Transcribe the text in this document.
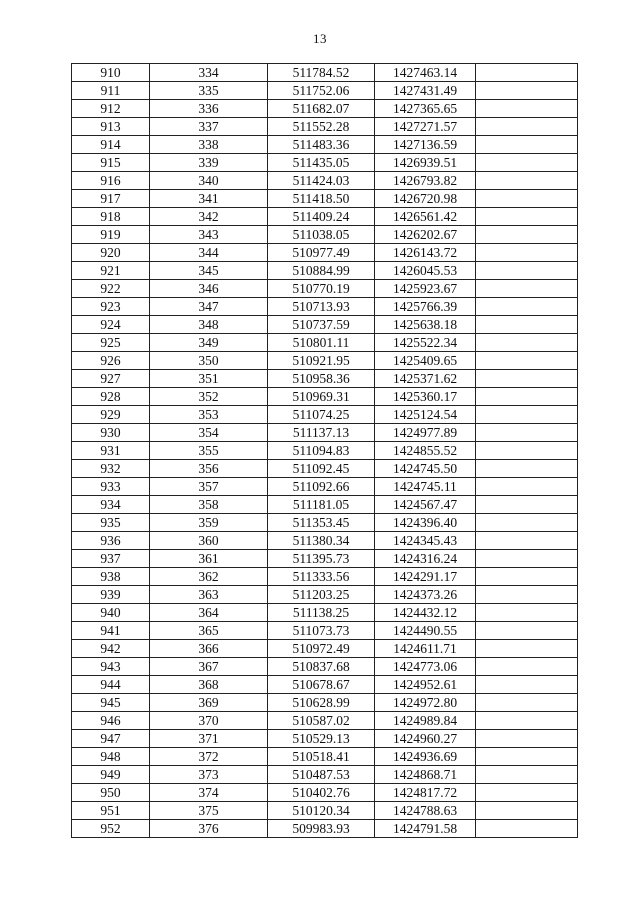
13
910	334	511784.52	1427463.14	
911	335	511752.06	1427431.49	
912	336	511682.07	1427365.65	
913	337	511552.28	1427271.57	
914	338	511483.36	1427136.59	
915	339	511435.05	1426939.51	
916	340	511424.03	1426793.82	
917	341	511418.50	1426720.98	
918	342	511409.24	1426561.42	
919	343	511038.05	1426202.67	
920	344	510977.49	1426143.72	
921	345	510884.99	1426045.53	
922	346	510770.19	1425923.67	
923	347	510713.93	1425766.39	
924	348	510737.59	1425638.18	
925	349	510801.11	1425522.34	
926	350	510921.95	1425409.65	
927	351	510958.36	1425371.62	
928	352	510969.31	1425360.17	
929	353	511074.25	1425124.54	
930	354	511137.13	1424977.89	
931	355	511094.83	1424855.52	
932	356	511092.45	1424745.50	
933	357	511092.66	1424745.11	
934	358	511181.05	1424567.47	
935	359	511353.45	1424396.40	
936	360	511380.34	1424345.43	
937	361	511395.73	1424316.24	
938	362	511333.56	1424291.17	
939	363	511203.25	1424373.26	
940	364	511138.25	1424432.12	
941	365	511073.73	1424490.55	
942	366	510972.49	1424611.71	
943	367	510837.68	1424773.06	
944	368	510678.67	1424952.61	
945	369	510628.99	1424972.80	
946	370	510587.02	1424989.84	
947	371	510529.13	1424960.27	
948	372	510518.41	1424936.69	
949	373	510487.53	1424868.71	
950	374	510402.76	1424817.72	
951	375	510120.34	1424788.63	
952	376	509983.93	1424791.58	
